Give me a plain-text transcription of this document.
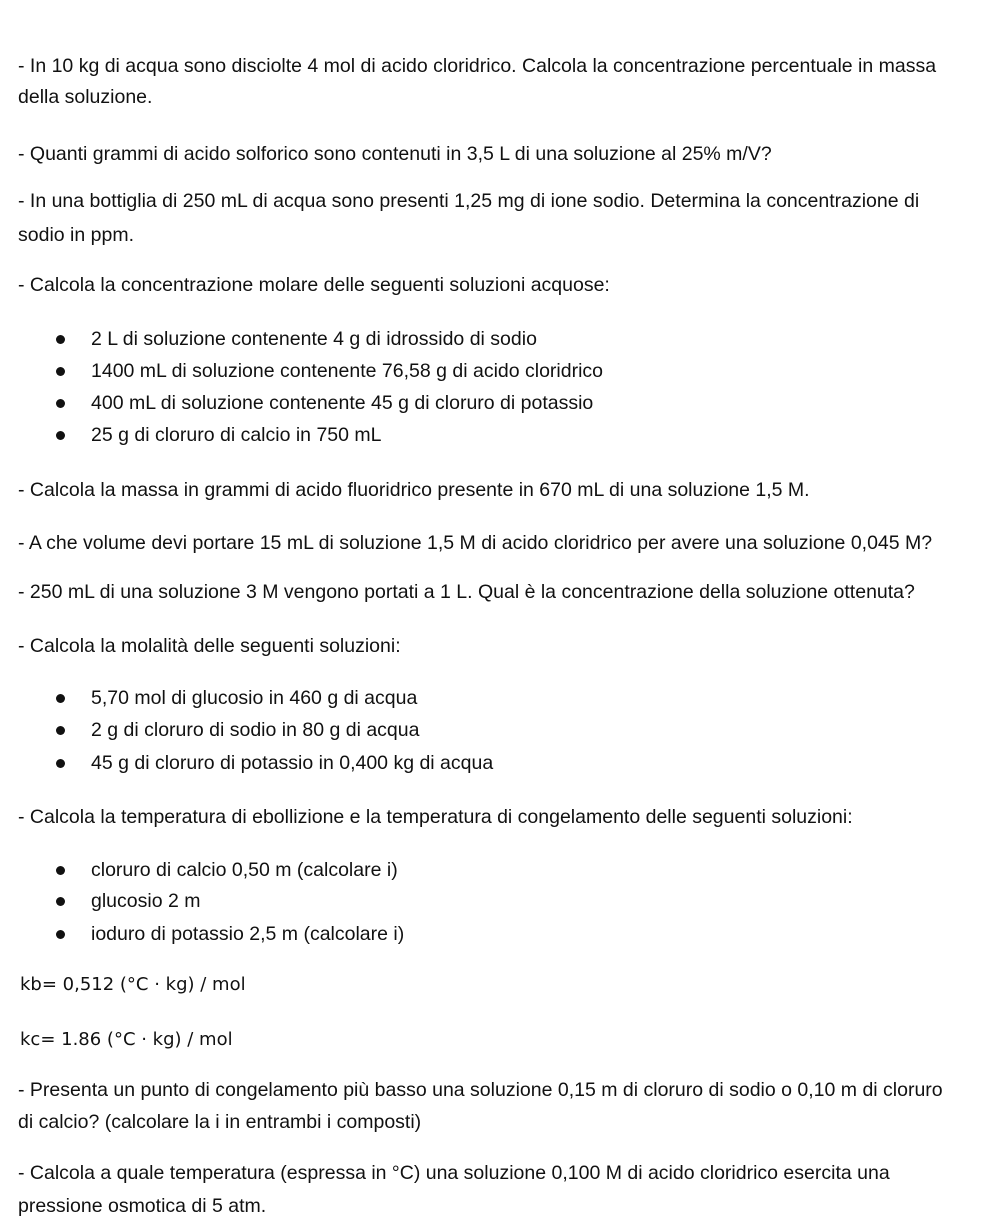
- In 10 kg di acqua sono disciolte 4 mol di acido cloridrico. Calcola la concentrazione percentuale in massa
della soluzione.
- Quanti grammi di acido solforico sono contenuti in 3,5 L di una soluzione al 25% m/V?
- In una bottiglia di 250 mL di acqua sono presenti 1,25 mg di ione sodio. Determina la concentrazione di
sodio in ppm.
- Calcola la concentrazione molare delle seguenti soluzioni acquose:
2 L di soluzione contenente 4 g di idrossido di sodio
1400 mL di soluzione contenente 76,58 g di acido cloridrico
400 mL di soluzione contenente 45 g di cloruro di potassio
25 g di cloruro di calcio in 750 mL
- Calcola la massa in grammi di acido fluoridrico presente in 670 mL di una soluzione 1,5 M.
- A che volume devi portare 15 mL di soluzione 1,5 M di acido cloridrico per avere una soluzione 0,045 M?
- 250 mL di una soluzione 3 M vengono portati a 1 L. Qual è la concentrazione della soluzione ottenuta?
- Calcola la molalità delle seguenti soluzioni:
5,70 mol di glucosio in 460 g di acqua
2 g di cloruro di sodio in 80 g di acqua
45 g di cloruro di potassio in 0,400 kg di acqua
- Calcola la temperatura di ebollizione e la temperatura di congelamento delle seguenti soluzioni:
cloruro di calcio 0,50 m (calcolare i)
glucosio 2 m
ioduro di potassio 2,5 m (calcolare i)
kb= 0,512 (°C · kg) / mol
kc= 1.86 (°C · kg) / mol
- Presenta un punto di congelamento più basso una soluzione 0,15 m di cloruro di sodio o 0,10 m di cloruro
di calcio? (calcolare la i in entrambi i composti)
- Calcola a quale temperatura (espressa in °C) una soluzione 0,100 M di acido cloridrico esercita una
pressione osmotica di 5 atm.
